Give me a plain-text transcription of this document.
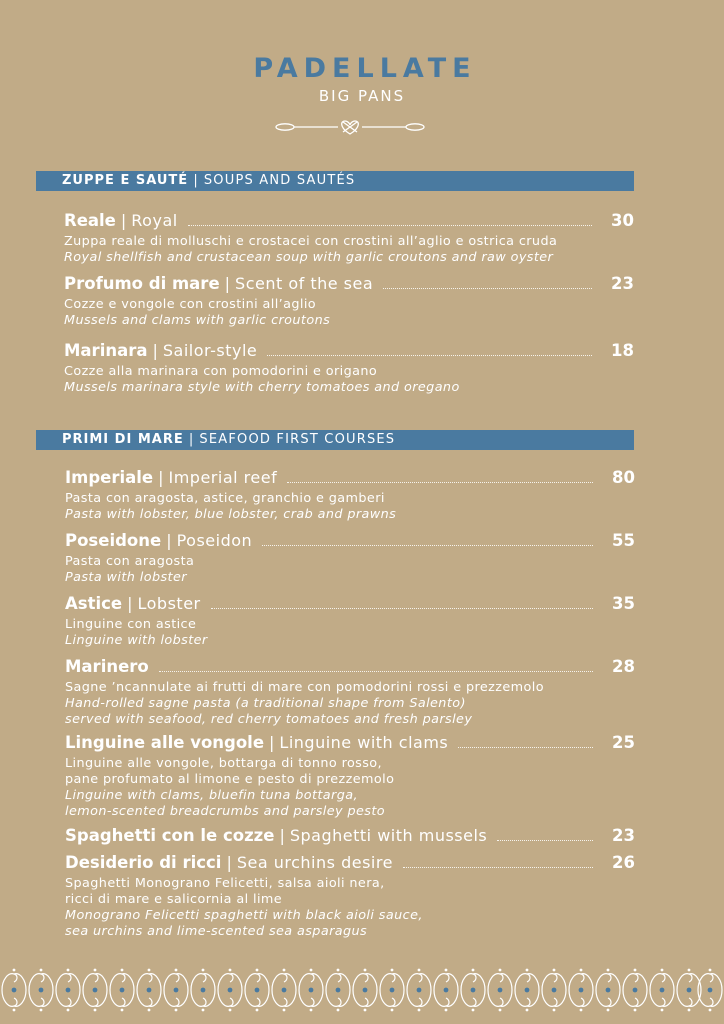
PADELLATE
BIG PANS
ZUPPE E SAUTÉ | SOUPS AND SAUTÉS
Reale | Royal	30
Zuppa reale di molluschi e crostacei con crostini all’aglio e ostrica cruda
Royal shellfish and crustacean soup with garlic croutons and raw oyster
Profumo di mare | Scent of the sea	23
Cozze e vongole con crostini all’aglio
Mussels and clams with garlic croutons
Marinara | Sailor-style	18
Cozze alla marinara con pomodorini e origano
Mussels marinara style with cherry tomatoes and oregano
PRIMI DI MARE | SEAFOOD FIRST COURSES
Imperiale | Imperial reef	80
Pasta con aragosta, astice, granchio e gamberi
Pasta with lobster, blue lobster, crab and prawns
Poseidone | Poseidon	55
Pasta con aragosta
Pasta with lobster
Astice | Lobster	35
Linguine con astice
Linguine with lobster
Marinero	28
Sagne ’ncannulate ai frutti di mare con pomodorini rossi e prezzemolo
Hand-rolled sagne pasta (a traditional shape from Salento)
served with seafood, red cherry tomatoes and fresh parsley
Linguine alle vongole | Linguine with clams	25
Linguine alle vongole, bottarga di tonno rosso,
pane profumato al limone e pesto di prezzemolo
Linguine with clams, bluefin tuna bottarga,
lemon-scented breadcrumbs and parsley pesto
Spaghetti con le cozze | Spaghetti with mussels	23
Desiderio di ricci | Sea urchins desire	26
Spaghetti Monograno Felicetti, salsa aioli nera,
ricci di mare e salicornia al lime
Monograno Felicetti spaghetti with black aioli sauce,
sea urchins and lime-scented sea asparagus
